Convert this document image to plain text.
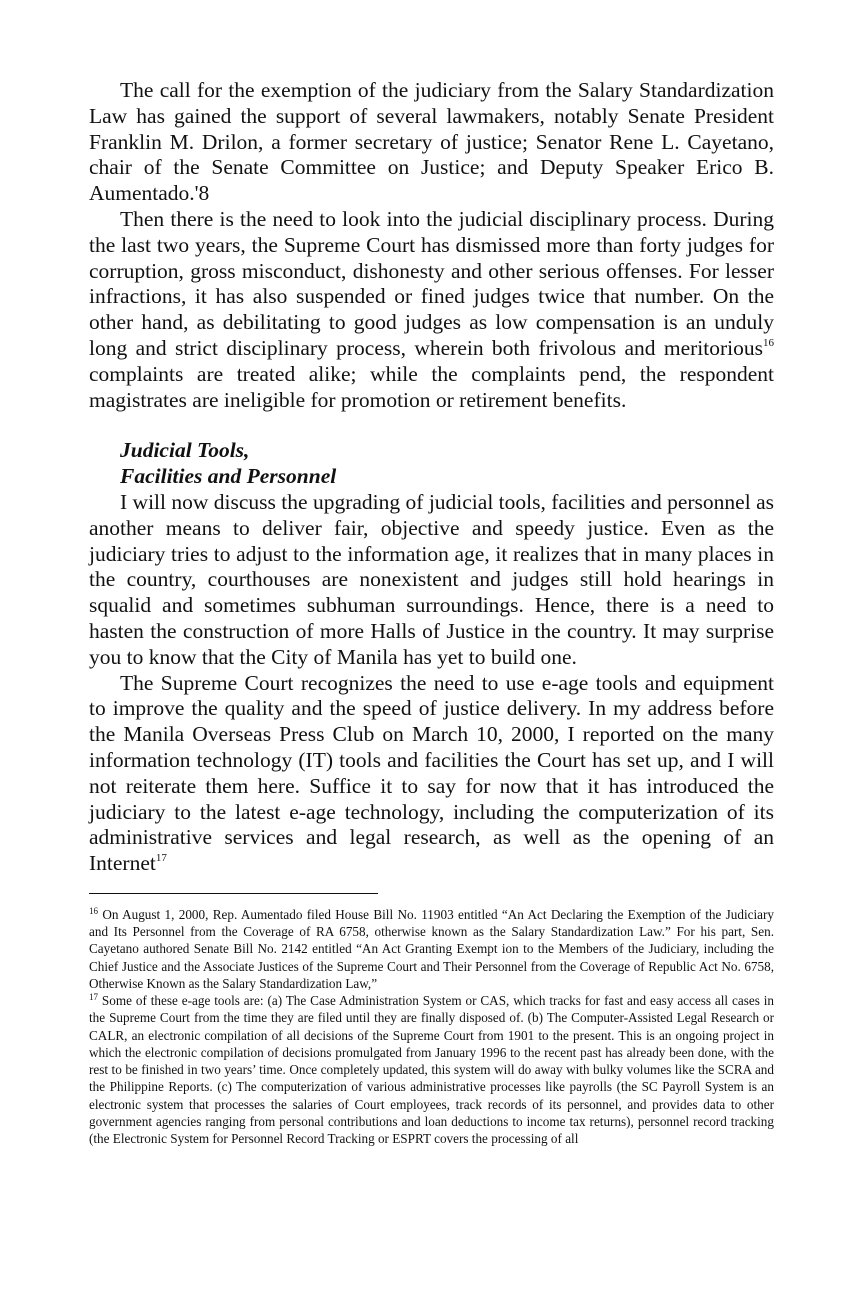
The call for the exemption of the judiciary from the Salary Standardization Law has gained the support of several lawmakers, notably Senate President Franklin M. Drilon, a former secretary of justice; Senator Rene L. Cayetano, chair of the Senate Committee on Justice; and Deputy Speaker Erico B. Aumentado.'8

Then there is the need to look into the judicial disciplinary process. During the last two years, the Supreme Court has dismissed more than forty judges for corruption, gross misconduct, dishonesty and other serious offenses. For lesser infractions, it has also suspended or fined judges twice that number. On the other hand, as debilitating to good judges as low compensation is an unduly long and strict disciplinary process, wherein both frivolous and meritorious$^{16}$ complaints are treated alike; while the complaints pend, the respondent magistrates are ineligible for promotion or retirement benefits.

Judicial Tools,
Facilities and Personnel

I will now discuss the upgrading of judicial tools, facilities and personnel as another means to deliver fair, objective and speedy justice. Even as the judiciary tries to adjust to the information age, it realizes that in many places in the country, courthouses are nonexistent and judges still hold hearings in squalid and sometimes subhuman surroundings. Hence, there is a need to hasten the construction of more Halls of Justice in the country. It may surprise you to know that the City of Manila has yet to build one.

The Supreme Court recognizes the need to use e-age tools and equipment to improve the quality and the speed of justice delivery. In my address before the Manila Overseas Press Club on March 10, 2000, I reported on the many information technology (IT) tools and facilities the Court has set up, and I will not reiterate them here. Suffice it to say for now that it has introduced the judiciary to the latest e-age technology, including the computerization of its administrative services and legal research, as well as the opening of an Internet$^{17}$

$^{16}$ On August 1, 2000, Rep. Aumentado filed House Bill No. 11903 entitled “An Act Declaring the Exemption of the Judiciary and Its Personnel from the Coverage of RA 6758, otherwise known as the Salary Standardization Law.” For his part, Sen. Cayetano authored Senate Bill No. 2142 entitled “An Act Granting Exempt ion to the Members of the Judiciary, including the Chief Justice and the Associate Justices of the Supreme Court and Their Personnel from the Coverage of Republic Act No. 6758, Otherwise Known as the Salary Standardization Law,”

$^{17}$ Some of these e-age tools are: (a) The Case Administration System or CAS, which tracks for fast and easy access all cases in the Supreme Court from the time they are filed until they are finally disposed of. (b) The Computer-Assisted Legal Research or CALR, an electronic compilation of all decisions of the Supreme Court from 1901 to the present. This is an ongoing project in which the electronic compilation of decisions promulgated from January 1996 to the recent past has already been done, with the rest to be finished in two years’ time. Once completely updated, this system will do away with bulky volumes like the SCRA and the Philippine Reports. (c) The computerization of various administrative processes like payrolls (the SC Payroll System is an electronic system that processes the salaries of Court employees, track records of its personnel, and provides data to other government agencies ranging from personal contributions and loan deductions to income tax returns), personnel record tracking (the Electronic System for Personnel Record Tracking or ESPRT covers the processing of all
